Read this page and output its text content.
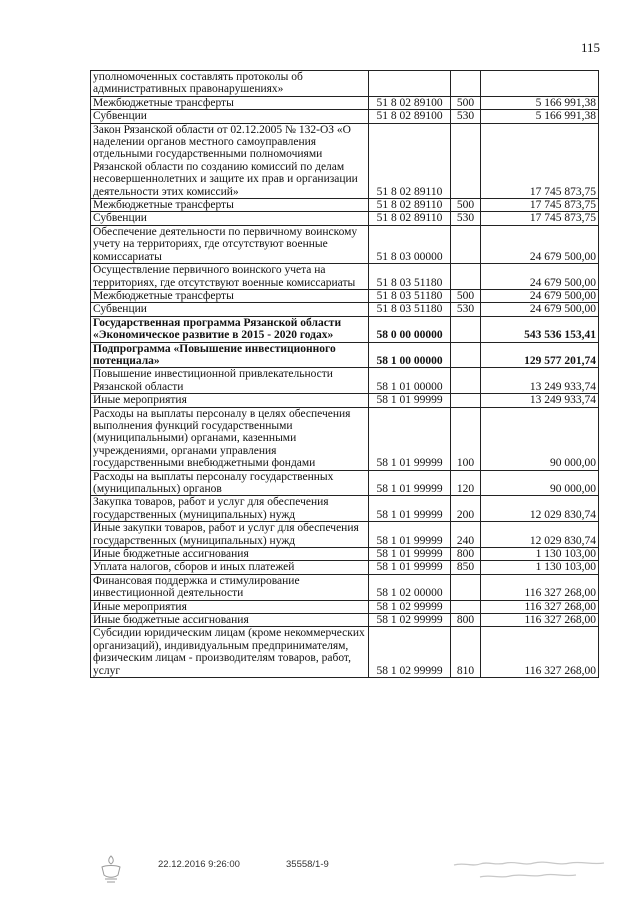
115
уполномоченных составлять протоколы об административных правонарушениях»			
Межбюджетные трансферты	51 8 02 89100	500	5 166 991,38
Субвенции	51 8 02 89100	530	5 166 991,38
Закон Рязанской области от 02.12.2005 № 132-ОЗ «О наделении органов местного самоуправления отдельными государственными полномочиями Рязанской области по созданию комиссий по делам несовершеннолетних и защите их прав и организации деятельности этих комиссий»	51 8 02 89110		17 745 873,75
Межбюджетные трансферты	51 8 02 89110	500	17 745 873,75
Субвенции	51 8 02 89110	530	17 745 873,75
Обеспечение деятельности по первичному воинскому учету на территориях, где отсутствуют военные комиссариаты	51 8 03 00000		24 679 500,00
Осуществление первичного воинского учета на территориях, где отсутствуют военные комиссариаты	51 8 03 51180		24 679 500,00
Межбюджетные трансферты	51 8 03 51180	500	24 679 500,00
Субвенции	51 8 03 51180	530	24 679 500,00
Государственная программа Рязанской области «Экономическое развитие в 2015 - 2020 годах»	58 0 00 00000		543 536 153,41
Подпрограмма «Повышение инвестиционного потенциала»	58 1 00 00000		129 577 201,74
Повышение инвестиционной привлекательности Рязанской области	58 1 01 00000		13 249 933,74
Иные мероприятия	58 1 01 99999		13 249 933,74
Расходы на выплаты персоналу в целях обеспечения выполнения функций государственными (муниципальными) органами, казенными учреждениями, органами управления государственными внебюджетными фондами	58 1 01 99999	100	90 000,00
Расходы на выплаты персоналу государственных (муниципальных) органов	58 1 01 99999	120	90 000,00
Закупка товаров, работ и услуг для обеспечения государственных (муниципальных) нужд	58 1 01 99999	200	12 029 830,74
Иные закупки товаров, работ и услуг для обеспечения государственных (муниципальных) нужд	58 1 01 99999	240	12 029 830,74
Иные бюджетные ассигнования	58 1 01 99999	800	1 130 103,00
Уплата налогов, сборов и иных платежей	58 1 01 99999	850	1 130 103,00
Финансовая поддержка и стимулирование инвестиционной деятельности	58 1 02 00000		116 327 268,00
Иные мероприятия	58 1 02 99999		116 327 268,00
Иные бюджетные ассигнования	58 1 02 99999	800	116 327 268,00
Субсидии юридическим лицам (кроме некоммерческих организаций), индивидуальным предпринимателям, физическим лицам - производителям товаров, работ, услуг	58 1 02 99999	810	116 327 268,00
22.12.2016 9:26:00	35558/1-9
